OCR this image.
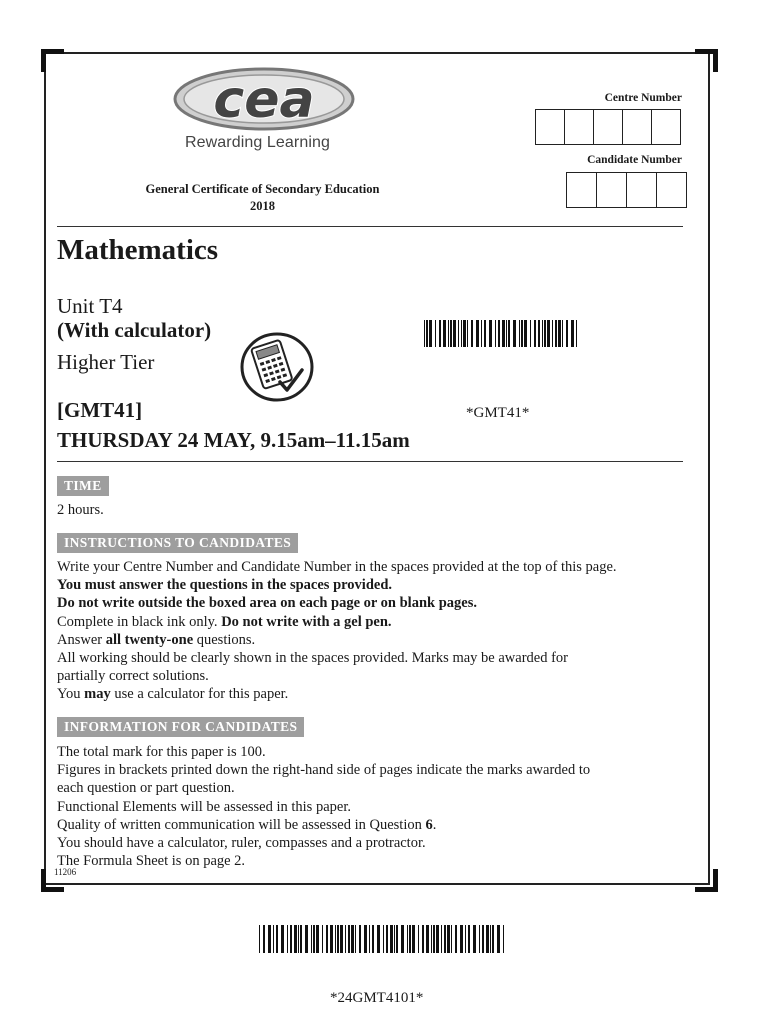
cea
Rewarding Learning
General Certificate of Secondary Education
2018
Centre Number
Candidate Number
Mathematics
Unit T4
(With calculator)
Higher Tier
*GMT41*
[GMT41]
THURSDAY 24 MAY, 9.15am–11.15am
TIME
2 hours.
INSTRUCTIONS TO CANDIDATES
Write your Centre Number and Candidate Number in the spaces provided at the top of this page.
You must answer the questions in the spaces provided.
Do not write outside the boxed area on each page or on blank pages.
Complete in black ink only. Do not write with a gel pen.
Answer all twenty-one questions.
All working should be clearly shown in the spaces provided. Marks may be awarded for
partially correct solutions.
You may use a calculator for this paper.
INFORMATION FOR CANDIDATES
The total mark for this paper is 100.
Figures in brackets printed down the right-hand side of pages indicate the marks awarded to
each question or part question.
Functional Elements will be assessed in this paper.
Quality of written communication will be assessed in Question 6.
You should have a calculator, ruler, compasses and a protractor.
The Formula Sheet is on page 2.
11206
*24GMT4101*
